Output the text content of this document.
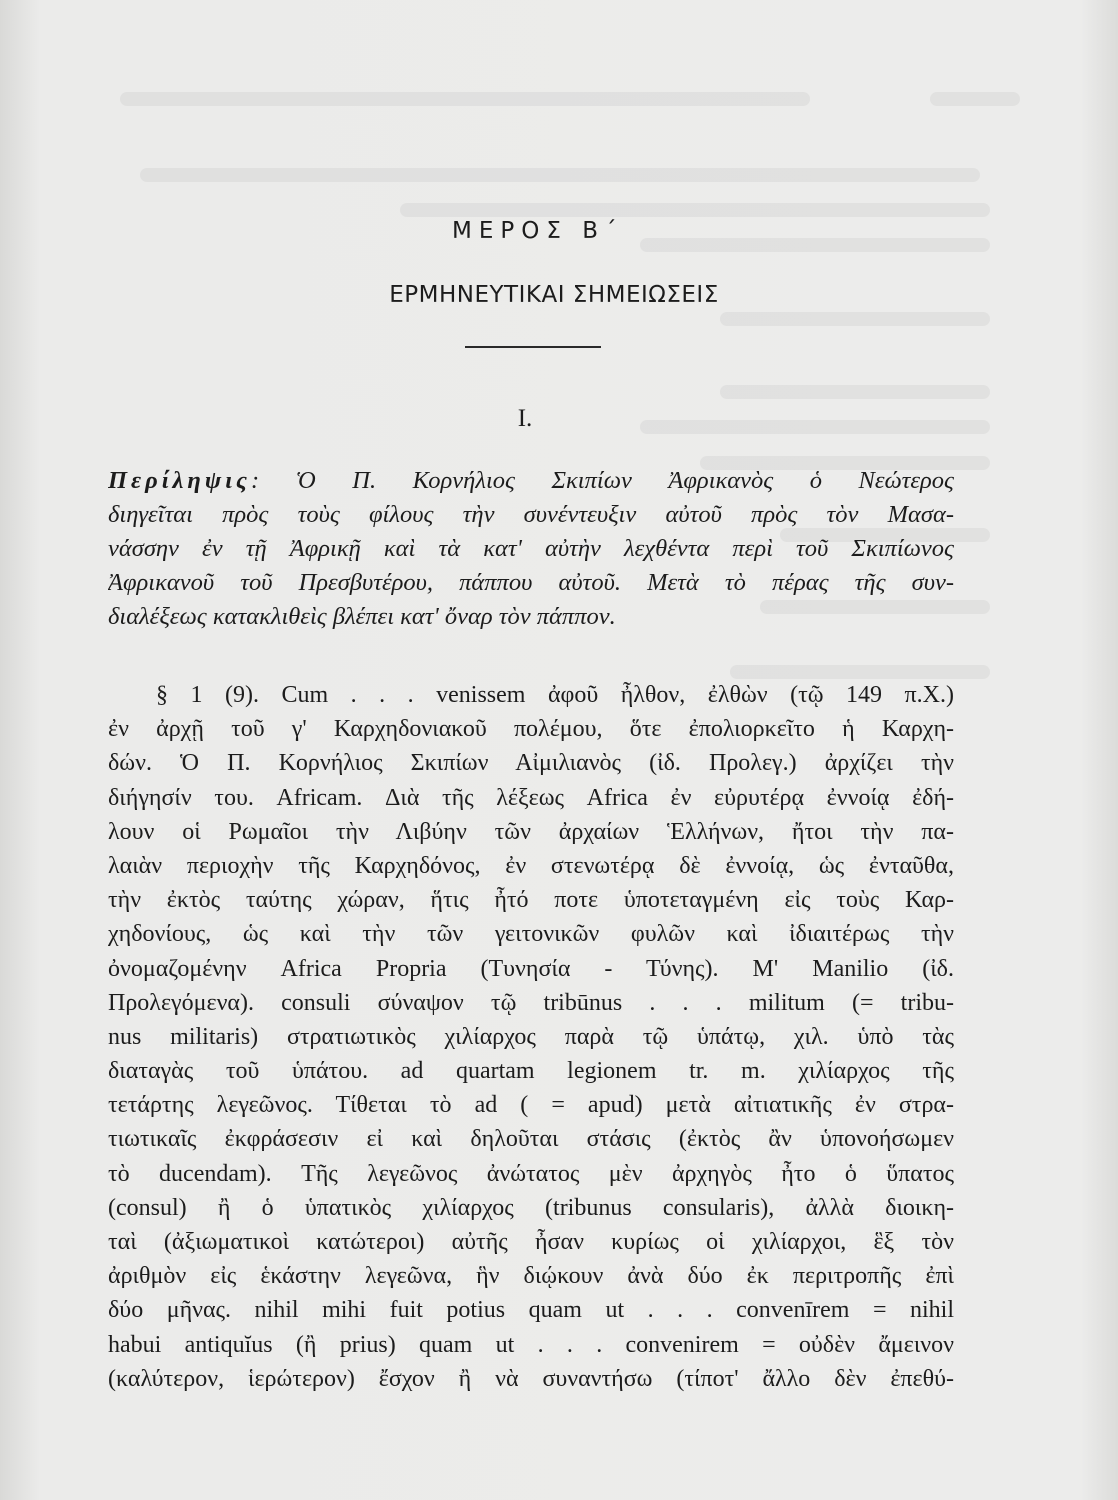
ΜΕΡΟΣ Β΄
ΕΡΜΗΝΕΥΤΙΚΑΙ ΣΗΜΕΙΩΣΕΙΣ
I.
Περίληψις: Ὁ Π. Κορνήλιος Σκιπίων Ἀφρικανὸς ὁ Νεώτερος
διηγεῖται πρὸς τοὺς φίλους τὴν συνέντευξιν αὐτοῦ πρὸς τὸν Μασα-
νάσσην ἐν τῇ Ἀφρικῇ καὶ τὰ κατ' αὐτὴν λεχθέντα περὶ τοῦ Σκιπίωνος
Ἀφρικανοῦ τοῦ Πρεσβυτέρου, πάππου αὐτοῦ. Μετὰ τὸ πέρας τῆς συν-
διαλέξεως κατακλιθεὶς βλέπει κατ' ὄναρ τὸν πάππον.
§ 1 (9). Cum . . . venissem ἀφοῦ ἦλθον, ἐλθὼν (τῷ 149 π.Χ.)
ἐν ἀρχῇ τοῦ γ' Καρχηδονιακοῦ πολέμου, ὅτε ἐπολιορκεῖτο ἡ Καρχη-
δών. Ὁ Π. Κορνήλιος Σκιπίων Αἰμιλιανὸς (ἰδ. Προλεγ.) ἀρχίζει τὴν
διήγησίν του. Africam. Διὰ τῆς λέξεως Africa ἐν εὐρυτέρᾳ ἐννοίᾳ ἐδή-
λουν οἱ Ρωμαῖοι τὴν Λιβύην τῶν ἀρχαίων Ἑλλήνων, ἤτοι τὴν πα-
λαιὰν περιοχὴν τῆς Καρχηδόνος, ἐν στενωτέρᾳ δὲ ἐννοίᾳ, ὡς ἐνταῦθα,
τὴν ἐκτὸς ταύτης χώραν, ἥτις ἦτό ποτε ὑποτεταγμένη εἰς τοὺς Καρ-
χηδονίους, ὡς καὶ τὴν τῶν γειτονικῶν φυλῶν καὶ ἰδιαιτέρως τὴν
ὀνομαζομένην Africa Propria (Τυνησία - Τύνης). M' Manilio (ἰδ.
Προλεγόμενα). consuli σύναψον τῷ tribūnus . . . militum (= tribu-
nus militaris) στρατιωτικὸς χιλίαρχος παρὰ τῷ ὑπάτῳ, χιλ. ὑπὸ τὰς
διαταγὰς τοῦ ὑπάτου. ad quartam legionem tr. m. χιλίαρχος τῆς
τετάρτης λεγεῶνος. Τίθεται τὸ ad ( = apud) μετὰ αἰτιατικῆς ἐν στρα-
τιωτικαῖς ἐκφράσεσιν εἰ καὶ δηλοῦται στάσις (ἐκτὸς ἂν ὑπονοήσωμεν
τὸ ducendam). Τῆς λεγεῶνος ἀνώτατος μὲν ἀρχηγὸς ἦτο ὁ ὕπατος
(consul) ἢ ὁ ὑπατικὸς χιλίαρχος (tribunus consularis), ἀλλὰ διοικη-
ταὶ (ἀξιωματικοὶ κατώτεροι) αὐτῆς ἦσαν κυρίως οἱ χιλίαρχοι, ἓξ τὸν
ἀριθμὸν εἰς ἑκάστην λεγεῶνα, ἣν διῴκουν ἀνὰ δύο ἐκ περιτροπῆς ἐπὶ
δύο μῆνας. nihil mihi fuit potius quam ut . . . convenīrem = nihil
habui antiquĭus (ἢ prius) quam ut . . . convenirem = οὐδὲν ἄμεινον
(καλύτερον, ἱερώτερον) ἔσχον ἢ νὰ συναντήσω (τίποτ' ἄλλο δὲν ἐπεθύ-
